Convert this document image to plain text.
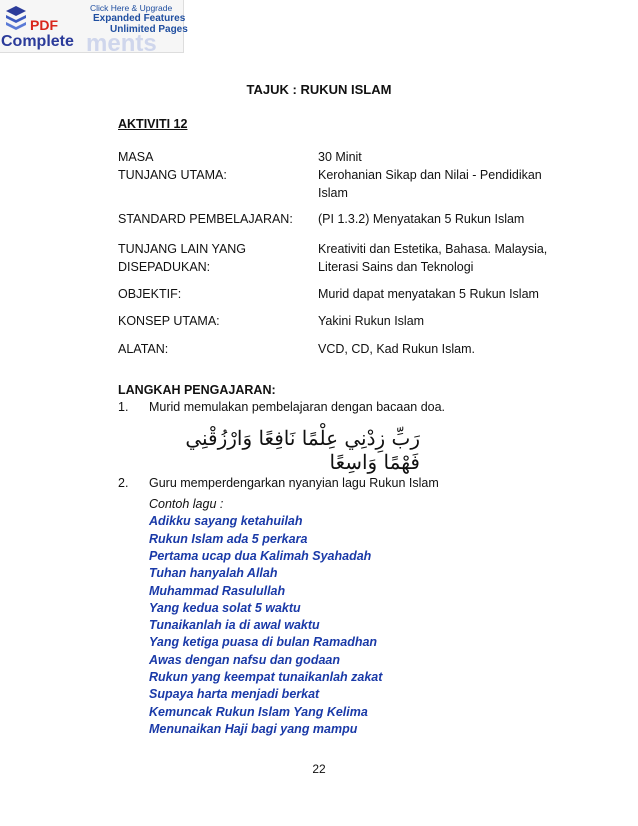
ments
Click Here & Upgrade
Expanded Features
Unlimited Pages
PDF
Complete
TAJUK : RUKUN ISLAM
AKTIVITI 12
MASA	30 Minit
TUNJANG UTAMA:	Kerohanian Sikap dan Nilai - Pendidikan Islam
STANDARD PEMBELAJARAN:	(PI 1.3.2) Menyatakan 5 Rukun Islam
TUNJANG LAIN YANG DISEPADUKAN:
Kreativiti dan Estetika, Bahasa. Malaysia, Literasi Sains dan Teknologi
OBJEKTIF:	Murid dapat menyatakan 5 Rukun Islam
KONSEP UTAMA:	Yakini Rukun Islam
ALATAN:	VCD, CD, Kad Rukun Islam.
LANGKAH PENGAJARAN:
1. Murid memulakan pembelajaran dengan bacaan doa.
رَبِّ زِدْنِي عِلْمًا نَافِعًا وَارْزُقْنِي فَهْمًا وَاسِعًا
2. Guru memperdengarkan nyanyian lagu Rukun Islam
Contoh lagu :
Adikku sayang ketahuilah
Rukun Islam ada 5 perkara
Pertama ucap dua Kalimah Syahadah
Tuhan hanyalah Allah
Muhammad Rasulullah
Yang kedua solat 5 waktu
Tunaikanlah ia di awal waktu
Yang ketiga puasa di bulan Ramadhan
Awas dengan nafsu dan godaan
Rukun yang keempat tunaikanlah zakat
Supaya harta menjadi berkat
Kemuncak Rukun Islam Yang Kelima
Menunaikan Haji bagi yang mampu
22
